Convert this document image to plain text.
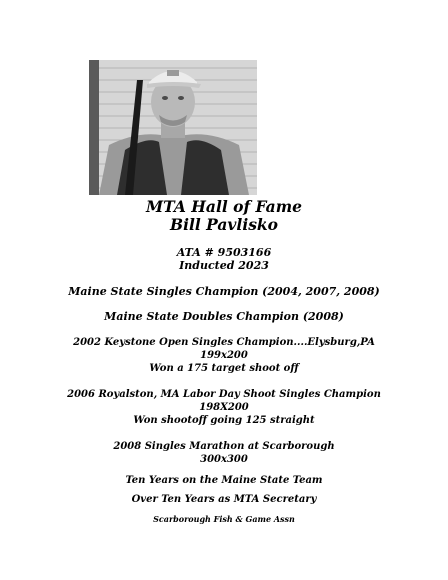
MTA Hall of Fame
Bill Pavlisko
ATA # 9503166
Inducted 2023
Maine State Singles Champion (2004, 2007, 2008)
Maine State Doubles Champion (2008)
2002 Keystone Open Singles Champion....Elysburg,PA
199x200
Won a 175 target shoot off
2006 Royalston, MA Labor Day Shoot Singles Champion
198X200
Won shootoff going 125 straight
2008 Singles Marathon at Scarborough
300x300
Ten Years on the Maine State Team
Over Ten Years as MTA Secretary
Scarborough Fish & Game Assn
